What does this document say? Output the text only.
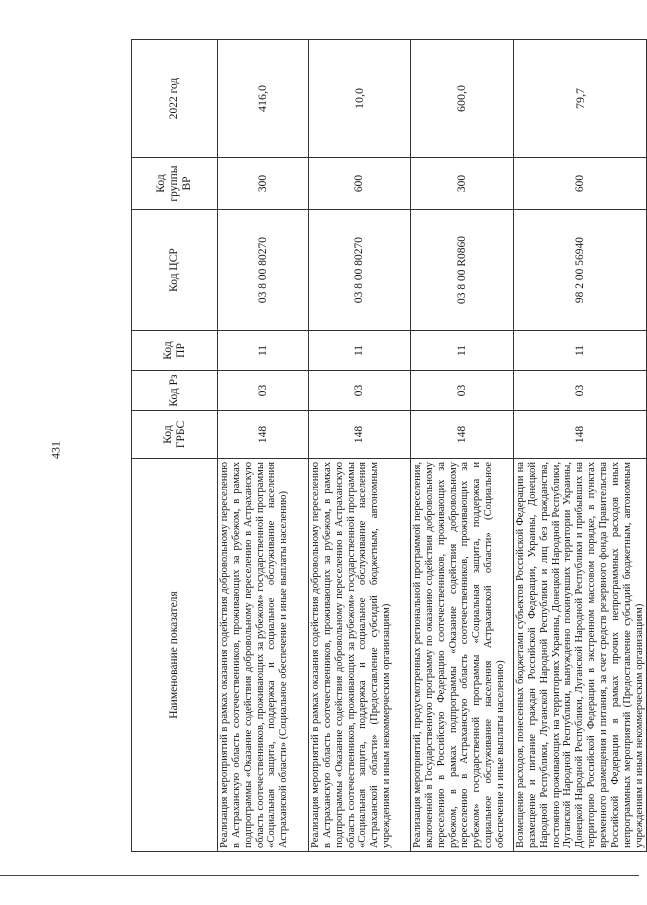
431
Наименование показателя	Код ГРБС	Код Рз	Код ПР	Код ЦСР	Код группы ВР	2022 год
Реализация мероприятий в рамках оказания содействия добровольному переселению в Астраханскую область соотечественников, проживающих за рубежом, в рамках подпрограммы «Оказание содействия добровольному переселению в Астраханскую область соотечественников, проживающих за рубежом» государственной программы «Социальная защита, поддержка и социальное обслуживание населения Астраханской области» (Социальное обеспечение и иные выплаты населению)	148	03	11	03 8 00 80270	300	416,0
Реализация мероприятий в рамках оказания содействия добровольному переселению в Астраханскую область соотечественников, проживающих за рубежом, в рамках подпрограммы «Оказание содействия добровольному переселению в Астраханскую область соотечественников, проживающих за рубежом» государственной программы «Социальная защита, поддержка и социальное обслуживание населения Астраханской области» (Предоставление субсидий бюджетным, автономным учреждениям и иным некоммерческим организациям)	148	03	11	03 8 00 80270	600	10,0
Реализация мероприятий, предусмотренных региональной программой переселения, включенной в Государственную программу по оказанию содействия добровольному переселению в Российскую Федерацию соотечественников, проживающих за рубежом, в рамках подпрограммы «Оказание содействия добровольному переселению в Астраханскую область соотечественников, проживающих за рубежом» государственной программы «Социальная защита, поддержка и социальное обслуживание населения Астраханской области» (Социальное обеспечение и иные выплаты населению)	148	03	11	03 8 00 R0860	300	600,0
Возмещение расходов, понесенных бюджетами субъектов Российской Федерации на размещение и питание граждан Российской Федерации, Украины, Донецкой Народной Республики, Луганской Народной Республики и лиц без гражданства, постоянно проживающих на территориях Украины, Донецкой Народной Республики, Луганской Народной Республики, вынужденно покинувших территории Украины, Донецкой Народной Республики, Луганской Народной Республики и прибывших на территорию Российской Федерации в экстренном массовом порядке, в пунктах временного размещения и питания, за счет средств резервного фонда Правительства Российской Федерации в рамках прочих непрограммных расходов иных непрограммных мероприятий (Предоставление субсидий бюджетным, автономным учреждениям и иным некоммерческим организациям)	148	03	11	98 2 00 56940	600	79,7
